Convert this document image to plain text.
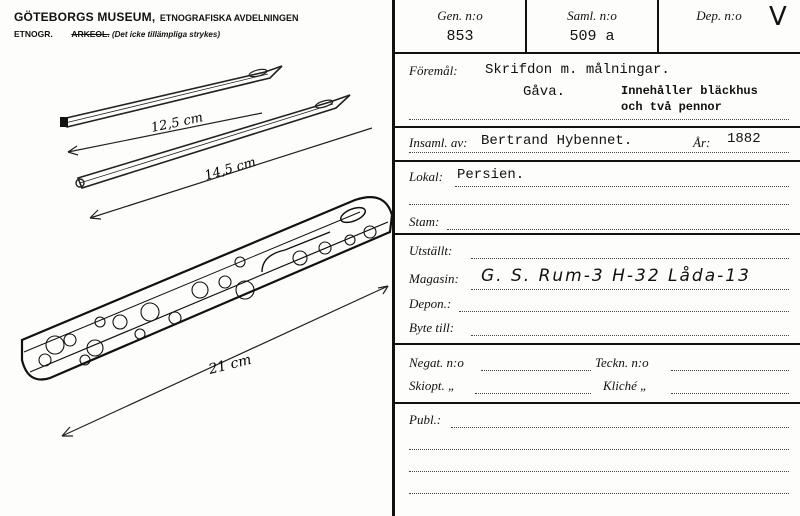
GÖTEBORGS MUSEUM, ETNOGRAFISKA AVDELNINGEN
ETNOGR. ARKEOL. (Det icke tillämpliga strykes)
12,5 cm
14,5 cm
21 cm
Gen. n:o
853
Saml. n:o
509 a
Dep. n:o	V
Föremål: Skrifdon m. målningar.
Gåva.	Innehåller bläckhus
och två pennor
Insaml. av: Bertrand Hybennet.	År: 1882
Lokal: Persien.
Stam:
Utställt:
Magasin: G. S. Rum-3 H-32 Låda-13
Depon.:
Byte till:
Negat. n:o	Teckn. n:o
Skiopt. „	Kliché „
Publ.:
